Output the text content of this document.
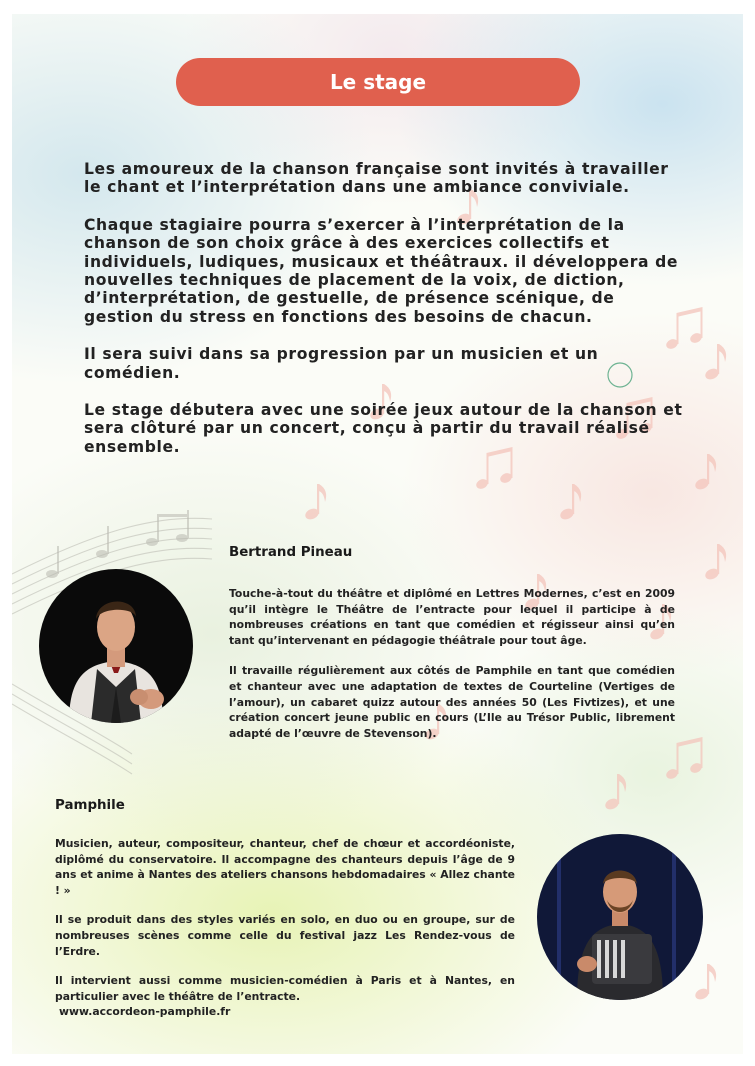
Le stage

Les amoureux de la chanson française sont invités à travailler le chant et l’interprétation dans une ambiance conviviale.

Chaque stagiaire pourra s’exercer à l’interprétation de la chanson de son choix grâce à des exercices collectifs et individuels, ludiques, musicaux et théâtraux. il développera de nouvelles techniques de placement de la voix, de diction, d’interprétation, de gestuelle, de présence scénique, de gestion du stress en fonctions des besoins de chacun.

Il sera suivi dans sa progression par un musicien et un comédien.

Le stage débutera avec une soirée jeux autour de la chanson et sera clôturé par un concert, conçu à partir du travail réalisé ensemble.

Bertrand Pineau

Touche-à-tout du théâtre et diplômé en Lettres Modernes, c’est en 2009 qu’il intègre le Théâtre de l’entracte pour lequel il participe à de nombreuses créations en tant que comédien et régisseur ainsi qu’en tant qu’intervenant en pédagogie théâtrale pour tout âge.

Il travaille régulièrement aux côtés de Pamphile en tant que comédien et chanteur avec une adaptation de textes de Courteline (Vertiges de l’amour), un cabaret quizz autour des années 50 (Les Fivtizes), et une création concert jeune public en cours (L’Ile au Trésor Public, librement adapté de l’œuvre de Stevenson).

Pamphile

Musicien, auteur, compositeur, chanteur, chef de chœur et accordéoniste, diplômé du conservatoire. Il accompagne des chanteurs depuis l’âge de 9 ans et anime à Nantes des ateliers chansons hebdomadaires « Allez chante ! »

Il se produit dans des styles variés en solo, en duo ou en groupe, sur de nombreuses scènes comme celle du festival jazz Les Rendez-vous de l’Erdre.

Il intervient aussi comme musicien-comédien à Paris et à Nantes, en particulier avec le théâtre de l’entracte.
www.accordeon-pamphile.fr
